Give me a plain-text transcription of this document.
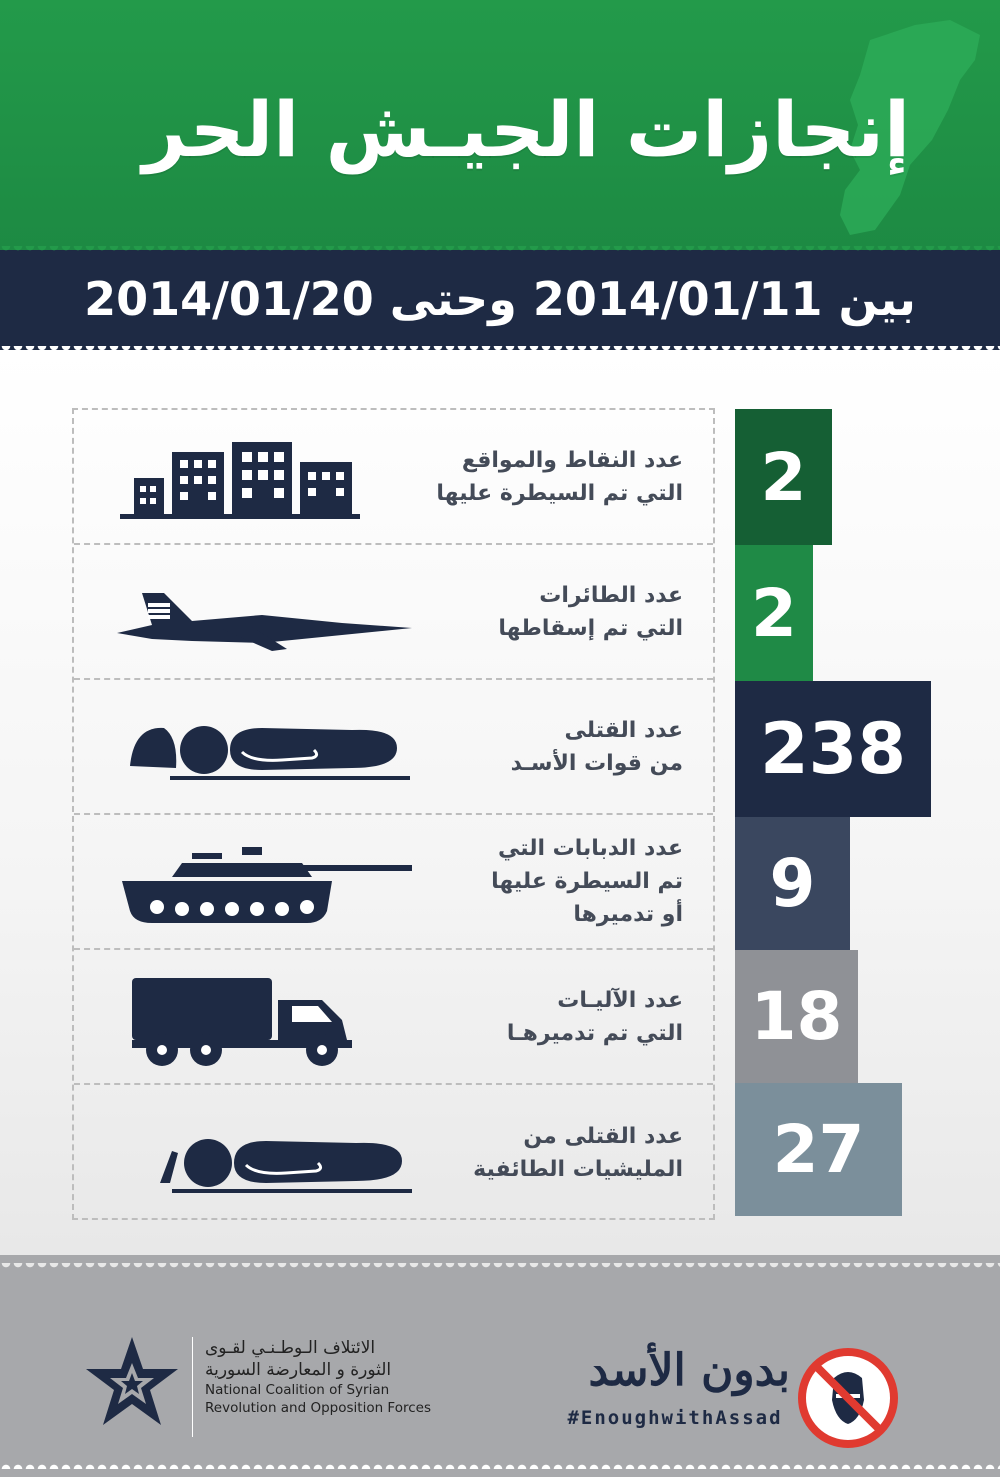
إنجازات الجيـش الحر
بين 2014/01/11 وحتى 2014/01/20
عدد النقاط والمواقع
التي تم السيطرة عليها
عدد الطائرات
التي تم إسقاطها
عدد القتلى
من قوات الأسـد
عدد الدبابات التي
تم السيطرة عليها
أو تدميرها
عدد الآليـات
التي تم تدميرهـا
عدد القتلى من
المليشيات الطائفية
2
2
238
9
18
27
الائتلاف الـوطـنـي لقـوى
الثورة و المعارضة السورية
National Coalition of Syrian
Revolution and Opposition Forces
بدون الأسد
#EnoughwithAssad
